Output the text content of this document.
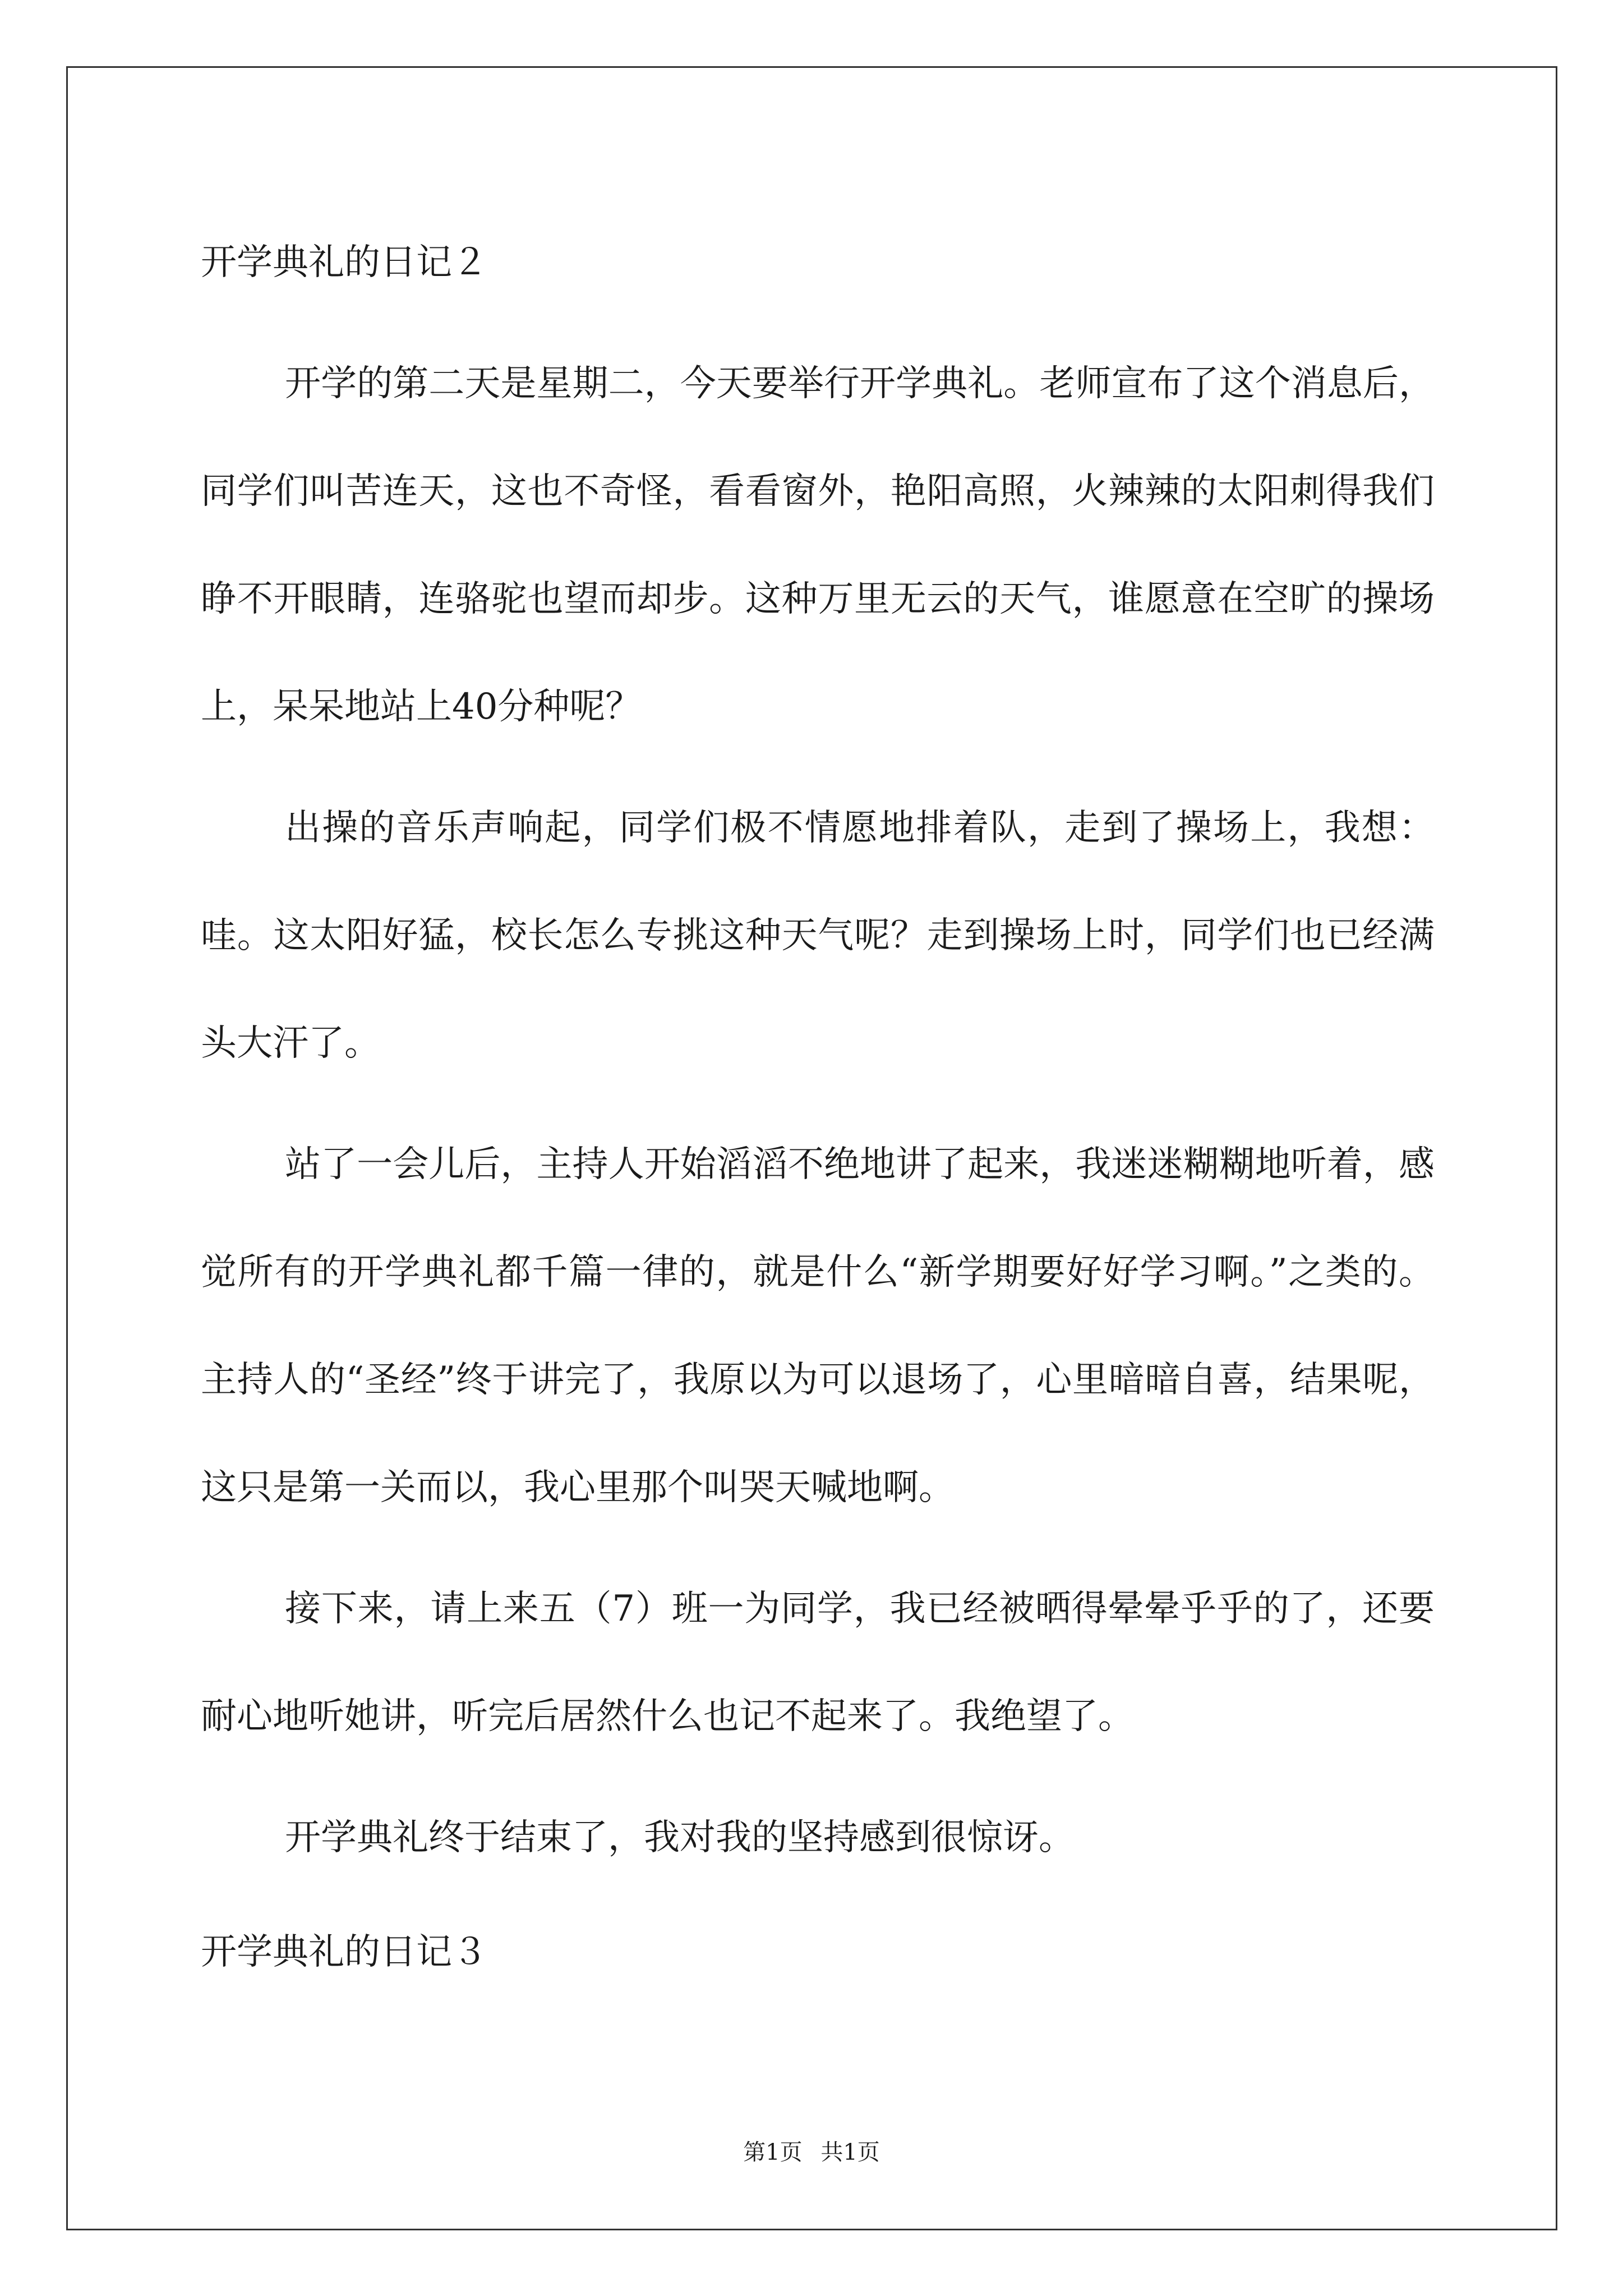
开学典礼的日记２

开学的第二天是星期二，今天要举行开学典礼。老师宣布了这个消息后，同学们叫苦连天，这也不奇怪，看看窗外，艳阳高照，火辣辣的太阳刺得我们睁不开眼睛，连骆驼也望而却步。这种万里无云的天气，谁愿意在空旷的操场上，呆呆地站上40分种呢？

出操的音乐声响起，同学们极不情愿地排着队，走到了操场上，我想：哇。这太阳好猛，校长怎么专挑这种天气呢？走到操场上时，同学们也已经满头大汗了。

站了一会儿后，主持人开始滔滔不绝地讲了起来，我迷迷糊糊地听着，感觉所有的开学典礼都千篇一律的，就是什么“新学期要好好学习啊。”之类的。主持人的“圣经”终于讲完了，我原以为可以退场了，心里暗暗自喜，结果呢，这只是第一关而以，我心里那个叫哭天喊地啊。

接下来，请上来五（7）班一为同学，我已经被晒得晕晕乎乎的了，还要耐心地听她讲，听完后居然什么也记不起来了。我绝望了。

开学典礼终于结束了，我对我的坚持感到很惊讶。

开学典礼的日记３
第1页 共1页
